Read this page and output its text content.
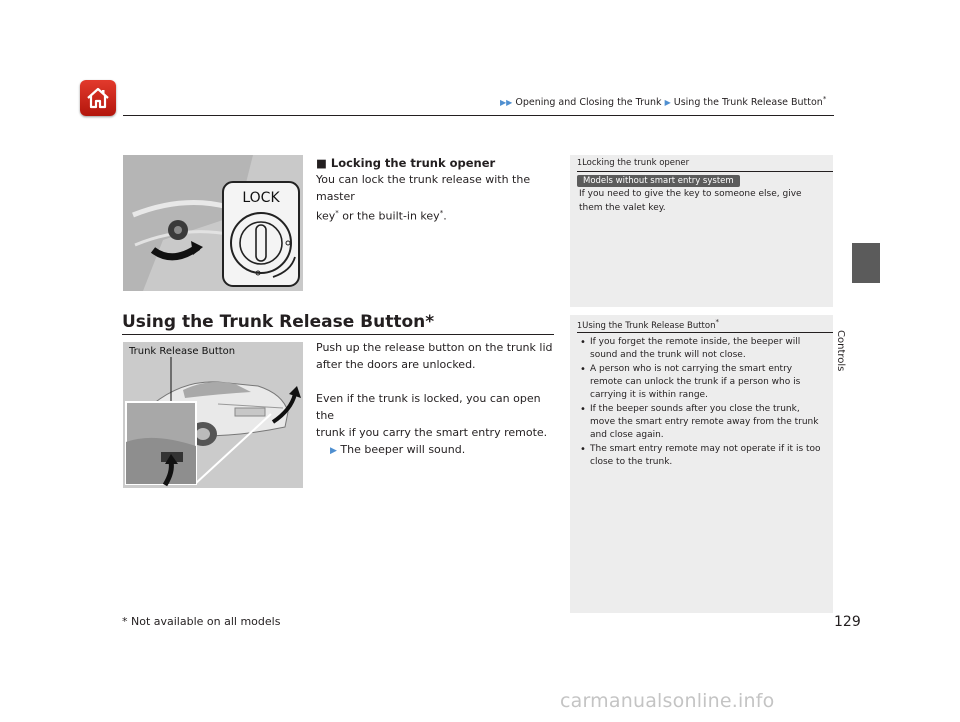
▶▶ Opening and Closing the Trunk ▶ Using the Trunk Release Button*
Controls
LOCK
■ Locking the trunk opener
You can lock the trunk release with the master
key* or the built-in key*.
1Locking the trunk opener
Models without smart entry system
If you need to give the key to someone else, give
them the valet key.
Using the Trunk Release Button*
Trunk Release Button	Push up the release button on the trunk lid
after the doors are unlocked.
Even if the trunk is locked, you can open the
trunk if you carry the smart entry remote.
▶ The beeper will sound.
1Using the Trunk Release Button*
• If you forget the remote inside, the beeper will sound and the trunk will not close.
• A person who is not carrying the smart entry remote can unlock the trunk if a person who is carrying it is within range.
• If the beeper sounds after you close the trunk, move the smart entry remote away from the trunk and close again.
• The smart entry remote may not operate if it is too close to the trunk.
* Not available on all models	129
carmanualsonline.info
